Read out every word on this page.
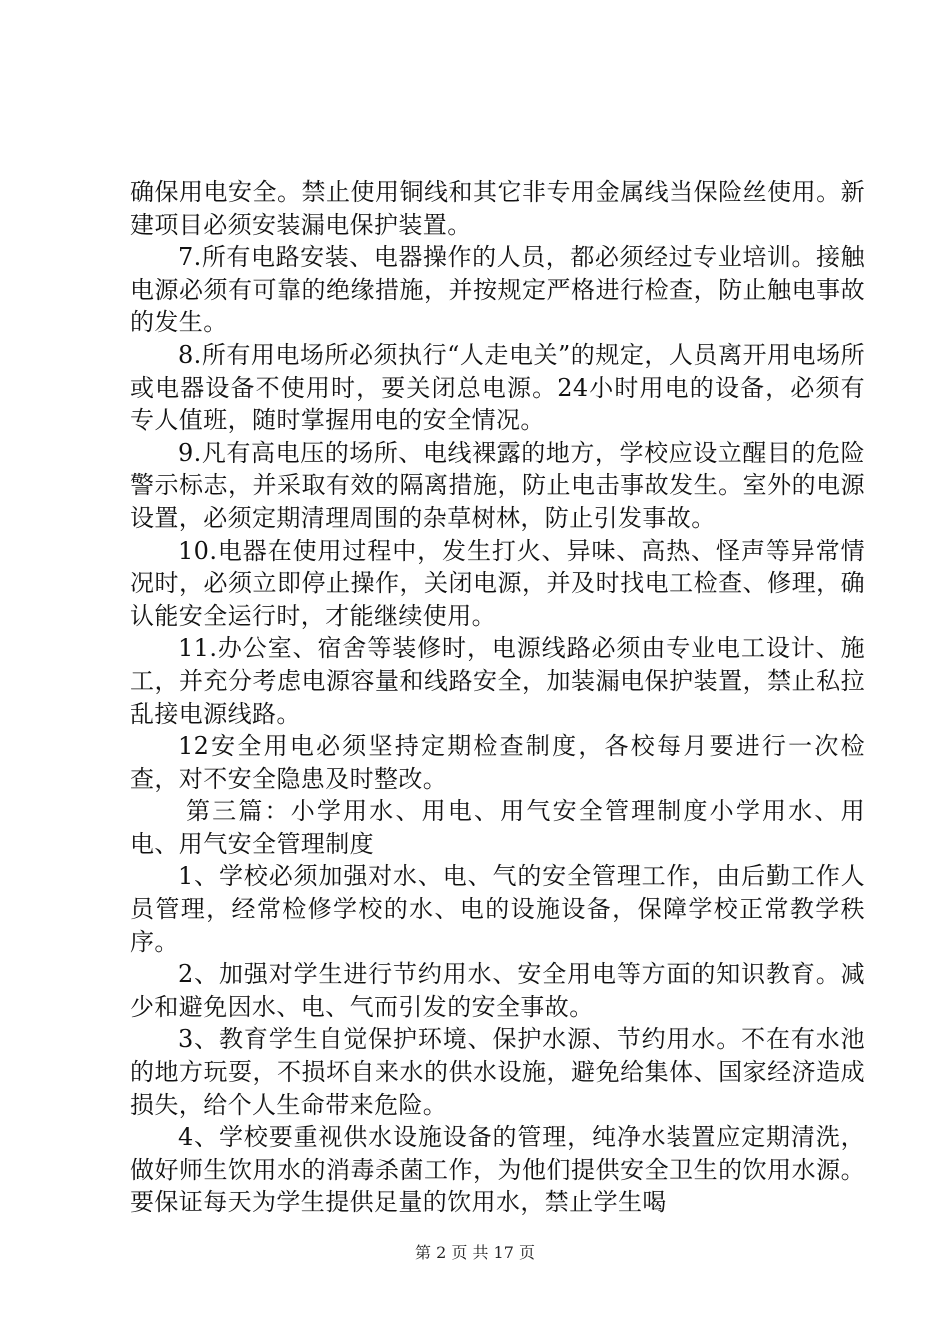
确保用电安全。禁止使用铜线和其它非专用金属线当保险丝使用。新建项目必须安装漏电保护装置。

7.所有电路安装、电器操作的人员，都必须经过专业培训。接触电源必须有可靠的绝缘措施，并按规定严格进行检查，防止触电事故的发生。

8.所有用电场所必须执行“人走电关”的规定，人员离开用电场所或电器设备不使用时，要关闭总电源。24小时用电的设备，必须有专人值班，随时掌握用电的安全情况。

9.凡有高电压的场所、电线裸露的地方，学校应设立醒目的危险警示标志，并采取有效的隔离措施，防止电击事故发生。室外的电源设置，必须定期清理周围的杂草树林，防止引发事故。

10.电器在使用过程中，发生打火、异味、高热、怪声等异常情况时，必须立即停止操作，关闭电源，并及时找电工检查、修理，确认能安全运行时，才能继续使用。

11.办公室、宿舍等装修时，电源线路必须由专业电工设计、施工，并充分考虑电源容量和线路安全，加装漏电保护装置，禁止私拉乱接电源线路。

12安全用电必须坚持定期检查制度，各校每月要进行一次检查，对不安全隐患及时整改。

第三篇：小学用水、用电、用气安全管理制度小学用水、用电、用气安全管理制度

1、学校必须加强对水、电、气的安全管理工作，由后勤工作人员管理，经常检修学校的水、电的设施设备，保障学校正常教学秩序。

2、加强对学生进行节约用水、安全用电等方面的知识教育。减少和避免因水、电、气而引发的安全事故。

3、教育学生自觉保护环境、保护水源、节约用水。不在有水池的地方玩耍，不损坏自来水的供水设施，避免给集体、国家经济造成损失，给个人生命带来危险。

4、学校要重视供水设施设备的管理，纯净水装置应定期清洗，做好师生饮用水的消毒杀菌工作，为他们提供安全卫生的饮用水源。要保证每天为学生提供足量的饮用水，禁止学生喝

第 2 页 共 17 页
